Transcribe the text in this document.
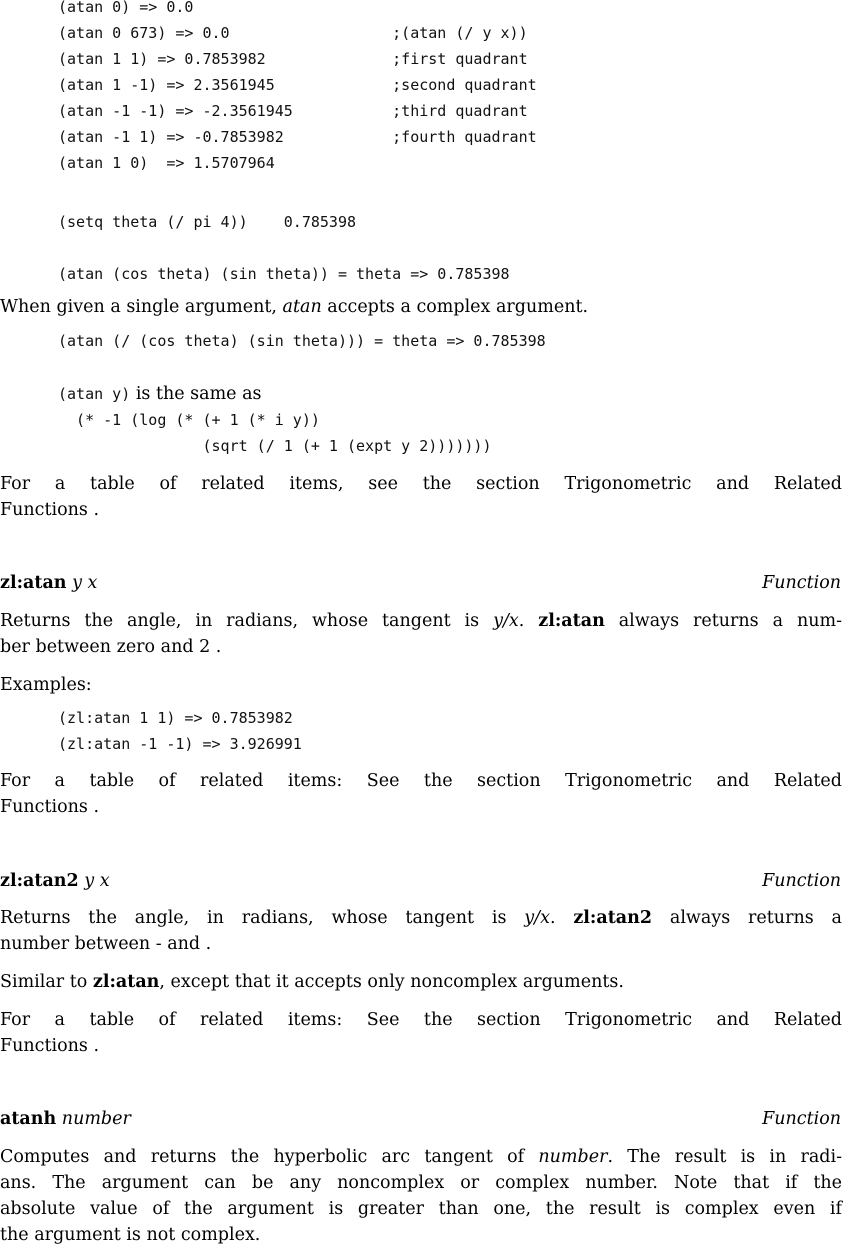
(atan 0) => 0.0
(atan 0 673) => 0.0                  ;(atan (/ y x))
(atan 1 1) => 0.7853982              ;first quadrant
(atan 1 -1) => 2.3561945             ;second quadrant
(atan -1 -1) => -2.3561945           ;third quadrant
(atan -1 1) => -0.7853982            ;fourth quadrant
(atan 1 0)  => 1.5707964
(setq theta (/ pi 4))    0.785398
(atan (cos theta) (sin theta)) = theta => 0.785398

When given a single argument, atan accepts a complex argument.

(atan (/ (cos theta) (sin theta))) = theta => 0.785398

(atan y) is the same as

(* -1 (log (* (+ 1 (* i y))
(sqrt (/ 1 (+ 1 (expt y 2)))))))

For a table of related items, see the section Trigonometric and Related

Functions .

zl:atan y x	Function

Returns the angle, in radians, whose tangent is y/x. zl:atan always returns a num-

ber between zero and 2 .

Examples:

(zl:atan 1 1) => 0.7853982
(zl:atan -1 -1) => 3.926991

For a table of related items: See the section Trigonometric and Related

Functions .

zl:atan2 y x	Function

Returns the angle, in radians, whose tangent is y/x. zl:atan2 always returns a

number between - and .

Similar to zl:atan, except that it accepts only noncomplex arguments.

For a table of related items: See the section Trigonometric and Related

Functions .

atanh number	Function

Computes and returns the hyperbolic arc tangent of number. The result is in radi-

ans. The argument can be any noncomplex or complex number. Note that if the

absolute value of the argument is greater than one, the result is complex even if

the argument is not complex.
